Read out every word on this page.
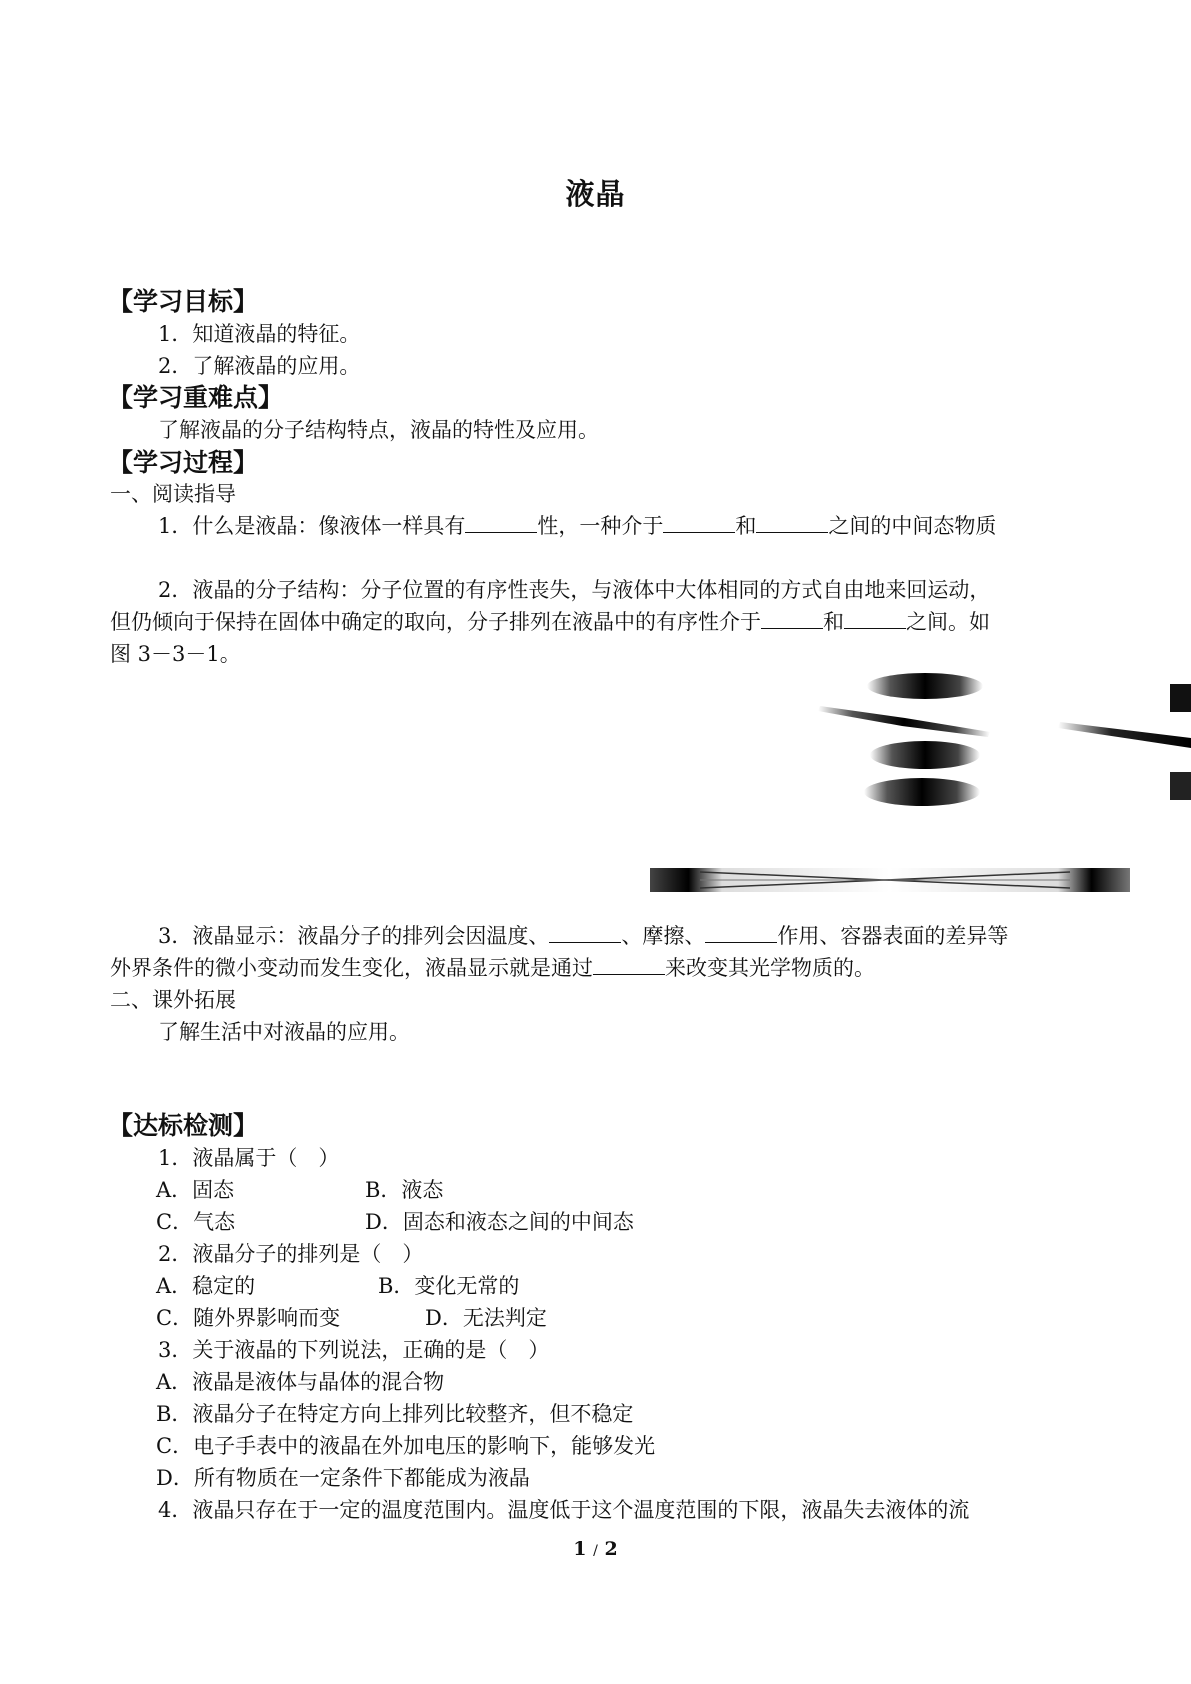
液晶
【学习目标】
1．知道液晶的特征。
2．了解液晶的应用。
【学习重难点】
了解液晶的分子结构特点，液晶的特性及应用。
【学习过程】
一、阅读指导
1．什么是液晶：像液体一样具有	性，一种介于	和	之间的中间态物质
2．液晶的分子结构：分子位置的有序性丧失，与液体中大体相同的方式自由地来回运动，
但仍倾向于保持在固体中确定的取向，分子排列在液晶中的有序性介于	和	之间。如
图 3－3－1。
3．液晶显示：液晶分子的排列会因温度、	、摩擦、	作用、容器表面的差异等
外界条件的微小变动而发生变化，液晶显示就是通过	来改变其光学物质的。
二、课外拓展
了解生活中对液晶的应用。
【达标检测】
1．液晶属于（　）
A．固态	B．液态
C．气态	D．固态和液态之间的中间态
2．液晶分子的排列是（　）
A．稳定的	B．变化无常的
C．随外界影响而变	D．无法判定
3．关于液晶的下列说法，正确的是（　）
A．液晶是液体与晶体的混合物
B．液晶分子在特定方向上排列比较整齐，但不稳定
C．电子手表中的液晶在外加电压的影响下，能够发光
D．所有物质在一定条件下都能成为液晶
4．液晶只存在于一定的温度范围内。温度低于这个温度范围的下限，液晶失去液体的流
1 / 2
